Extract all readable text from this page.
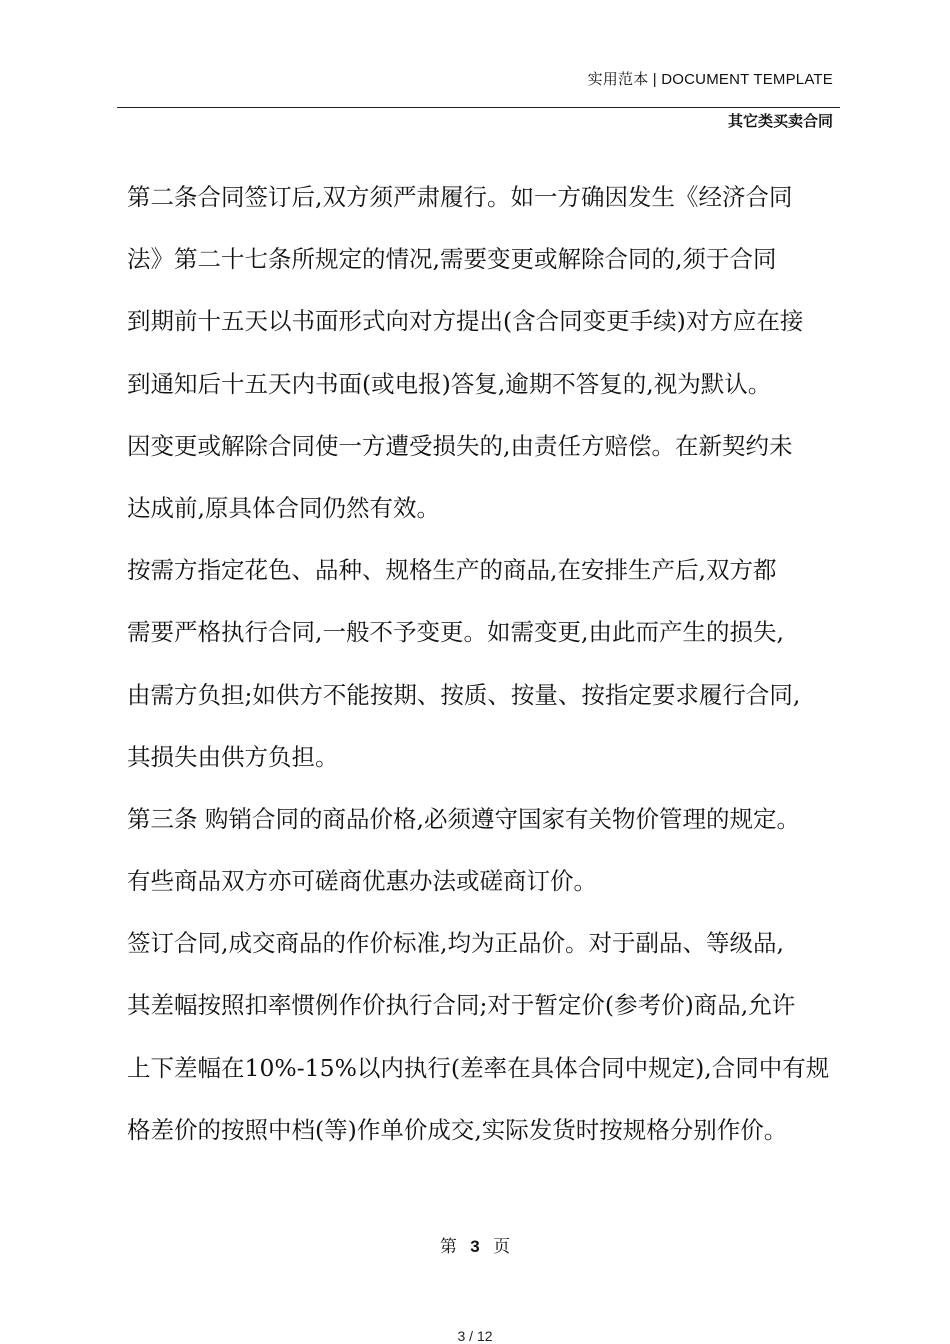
实用范本 | DOCUMENT TEMPLATE
其它类买卖合同
第二条合同签订后,双方须严肃履行。如一方确因发生《经济合同
法》第二十七条所规定的情况,需要变更或解除合同的,须于合同
到期前十五天以书面形式向对方提出(含合同变更手续)对方应在接
到通知后十五天内书面(或电报)答复,逾期不答复的,视为默认。
因变更或解除合同使一方遭受损失的,由责任方赔偿。在新契约未
达成前,原具体合同仍然有效。
按需方指定花色、品种、规格生产的商品,在安排生产后,双方都
需要严格执行合同,一般不予变更。如需变更,由此而产生的损失,
由需方负担;如供方不能按期、按质、按量、按指定要求履行合同,
其损失由供方负担。
第三条 购销合同的商品价格,必须遵守国家有关物价管理的规定。
有些商品双方亦可磋商优惠办法或磋商订价。
签订合同,成交商品的作价标准,均为正品价。对于副品、等级品,
其差幅按照扣率惯例作价执行合同;对于暂定价(参考价)商品,允许
上下差幅在10%-15%以内执行(差率在具体合同中规定),合同中有规
格差价的按照中档(等)作单价成交,实际发货时按规格分别作价。
第 3 页
3 / 12
